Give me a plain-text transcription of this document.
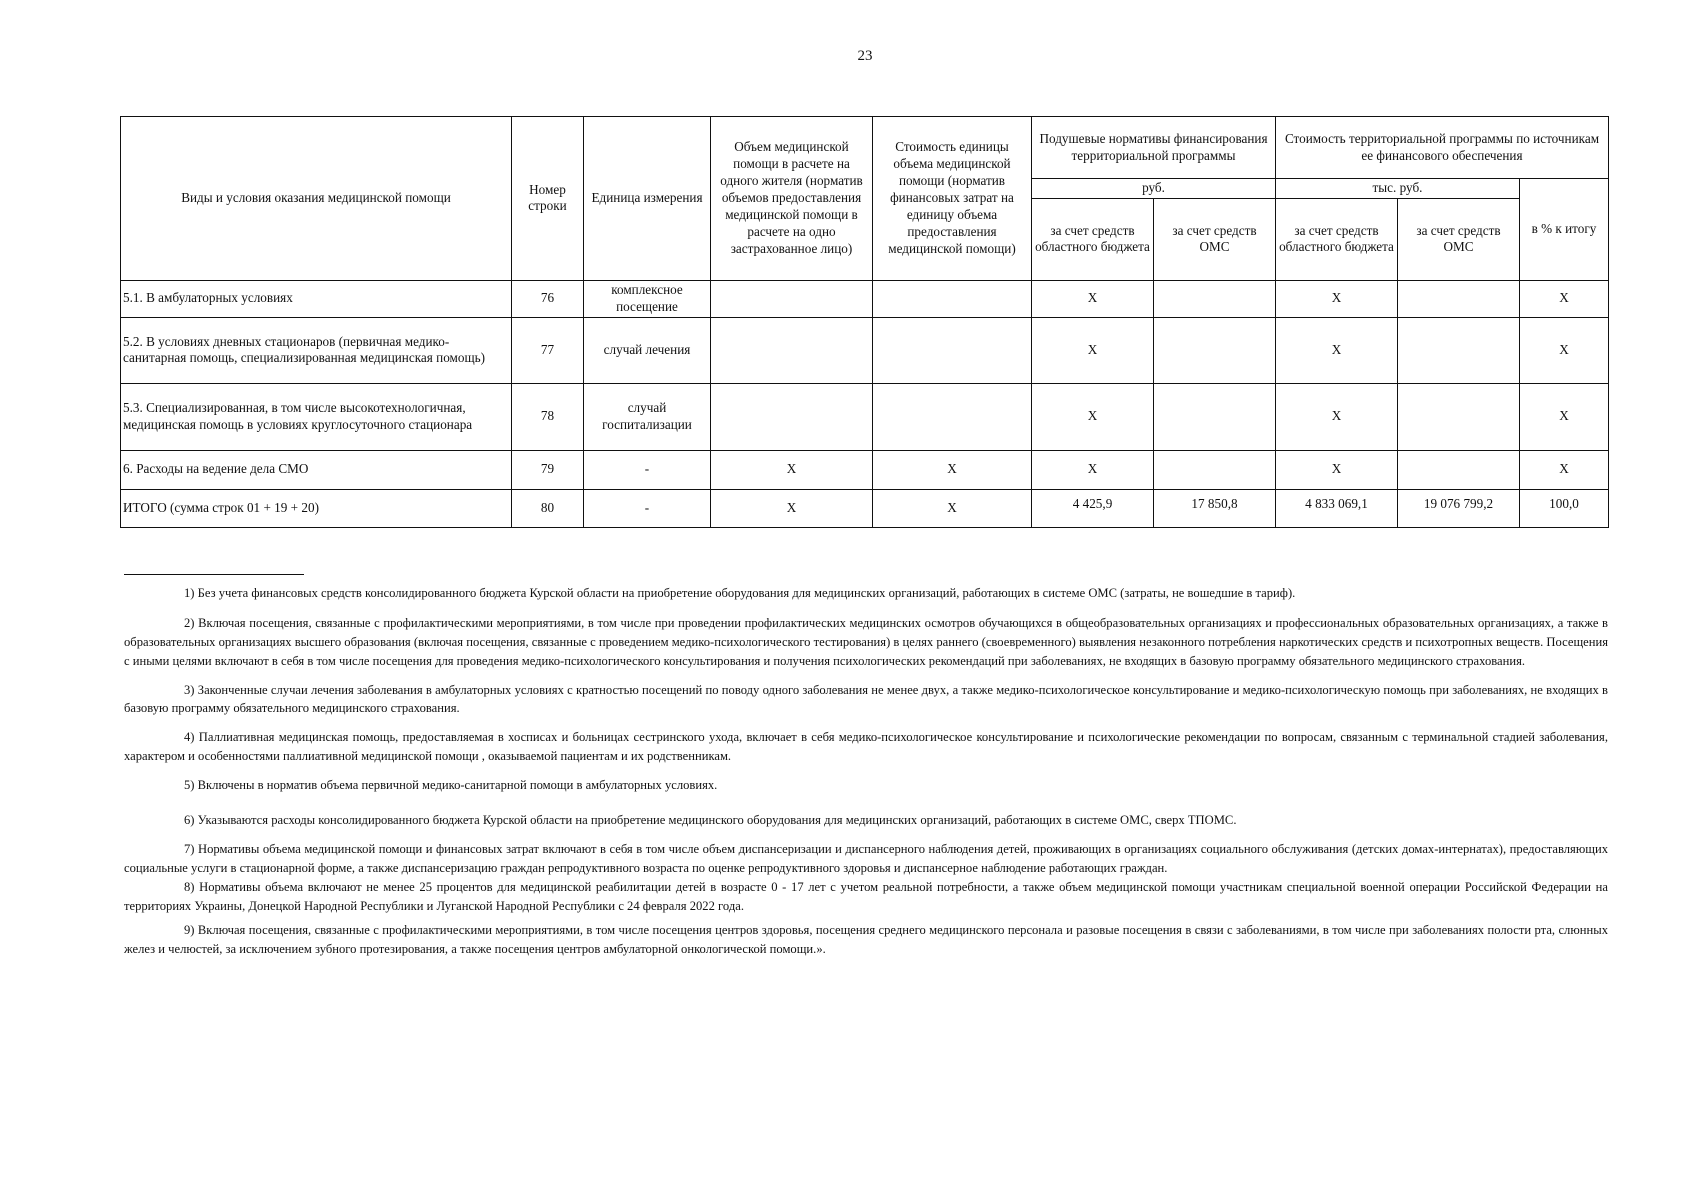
23
Виды и условия оказания медицинской помощи	Номер строки	Единица измерения	Объем медицинской помощи в расчете на одного жителя (норматив объемов предоставления медицинской помощи в расчете на одно застрахованное лицо)	Стоимость единицы объема медицинской помощи (норматив финансовых затрат на единицу объема предоставления медицинской помощи)	Подушевые нормативы финансирования территориальной программы		Стоимость территориальной программы по источникам ее финансового обеспечения		
					руб.		тыс. руб.		в % к итогу
					за счет средств областного бюджета	за счет средств ОМС	за счет средств областного бюджета	за счет средств ОМС	
5.1. В амбулаторных условиях	76	комплексное посещение			X		X		X
5.2. В условиях дневных стационаров (первичная медико-санитарная помощь, специализированная медицинская помощь)	77	случай лечения			X		X		X
5.3. Специализированная, в том числе высокотехнологичная, медицинская помощь в условиях круглосуточного стационара	78	случай госпитализации			X		X		X
6. Расходы на ведение дела СМО	79	-	X	X	X		X		X
ИТОГО (сумма строк 01 + 19 + 20)	80	-	X	X	4 425,9	17 850,8	4 833 069,1	19 076 799,2	100,0

1) Без учета финансовых средств консолидированного бюджета Курской области на приобретение оборудования для медицинских организаций, работающих в системе ОМС (затраты, не вошедшие в тариф).

2) Включая посещения, связанные с профилактическими мероприятиями, в том числе при проведении профилактических медицинских осмотров обучающихся в общеобразовательных организациях и профессиональных образовательных организациях, а также в образовательных организациях высшего образования (включая посещения, связанные с проведением медико-психологического тестирования) в целях раннего (своевременного) выявления незаконного потребления наркотических средств и психотропных веществ. Посещения с иными целями включают в себя в том числе посещения для проведения медико-психологического консультирования и получения психологических рекомендаций при заболеваниях, не входящих в базовую программу обязательного медицинского страхования.

3) Законченные случаи лечения заболевания в амбулаторных условиях с кратностью посещений по поводу одного заболевания не менее двух, а также медико-психологическое консультирование и медико-психологическую помощь при заболеваниях, не входящих в базовую программу обязательного медицинского страхования.

4) Паллиативная медицинская помощь, предоставляемая в хосписах и больницах сестринского ухода, включает в себя медико-психологическое консультирование и психологические рекомендации по вопросам, связанным с терминальной стадией заболевания, характером и особенностями паллиативной медицинской помощи , оказываемой пациентам и их родственникам.

5) Включены в норматив объема первичной медико-санитарной помощи в амбулаторных условиях.

6) Указываются расходы консолидированного бюджета Курской области на приобретение медицинского оборудования для медицинских организаций, работающих в системе ОМС, сверх ТПОМС.

7) Нормативы объема медицинской помощи и финансовых затрат включают в себя в том числе объем диспансеризации и диспансерного наблюдения детей, проживающих в организациях социального обслуживания (детских домах-интернатах), предоставляющих социальные услуги в стационарной форме, а также диспансеризацию граждан репродуктивного возраста по оценке репродуктивного здоровья и диспансерное наблюдение работающих граждан.

8) Нормативы объема включают не менее 25 процентов для медицинской реабилитации детей в возрасте 0 - 17 лет с учетом реальной потребности, а также объем медицинской помощи участникам специальной военной операции Российской Федерации на территориях Украины, Донецкой Народной Республики и Луганской Народной Республики с 24 февраля 2022 года.

9) Включая посещения, связанные с профилактическими мероприятиями, в том числе посещения центров здоровья, посещения среднего медицинского персонала и разовые посещения в связи с заболеваниями, в том числе при заболеваниях полости рта, слюнных желез и челюстей, за исключением зубного протезирования, а также посещения центров амбулаторной онкологической помощи.».
